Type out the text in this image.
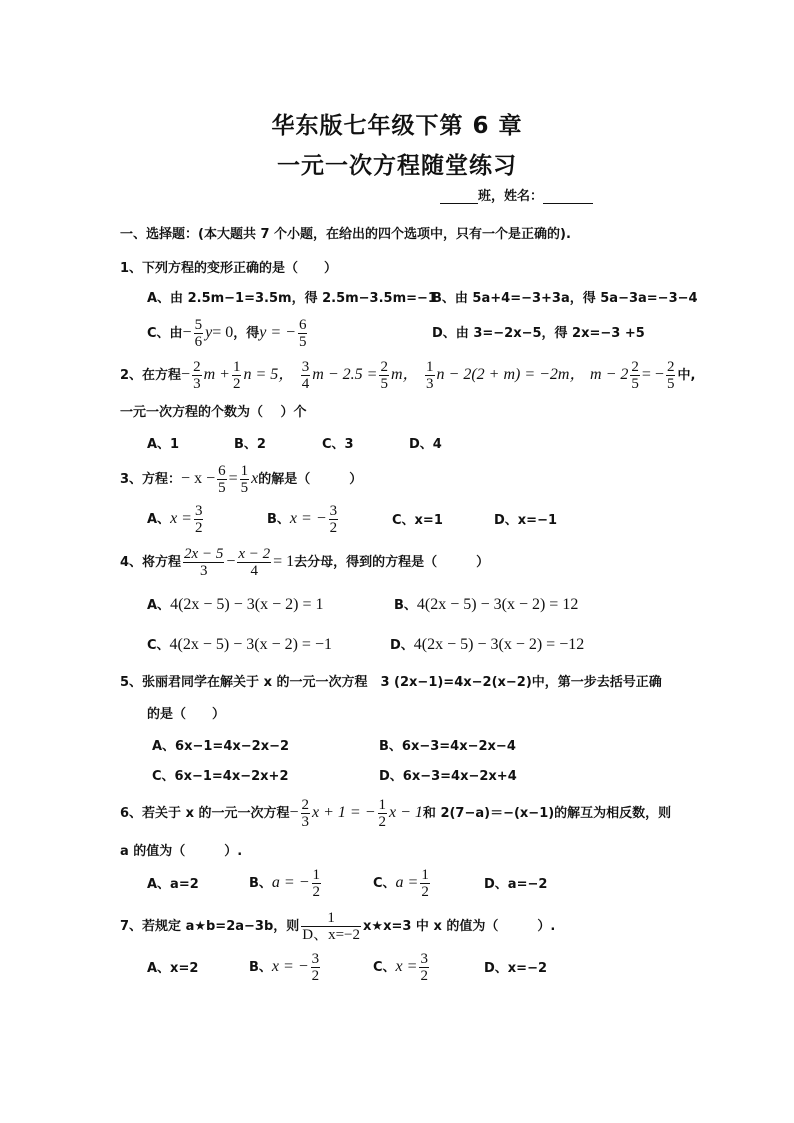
华东版七年级下第 6 章
一元一次方程随堂练习
班，姓名：
一、选择题：(本大题共 7 个小题，在给出的四个选项中，只有一个是正确的).
1、下列方程的变形正确的是（　　）
A、由 2.5m−1=3.5m，得 2.5m−3.5m=−1
B、由 5a+4=−3+3a，得 5a−3a=−3−4
C、由− $\frac{5}{6} y= 0$，得y = − $\frac{6}{5}$	D、由 3=−2x−5，得 2x=−3 +5
2、在方程− $\frac{2}{3}$ $m + \frac{1}{2}$ n = 5， $\frac{3}{4}$ $m - 2.5 = \frac{2}{5}$ m， $\frac{1}{3}$ n − 2(2 + m) = −2m， $m - 2 \frac{2}{5}$ = − $\frac{2}{5}$ 中,
一元一次方程的个数为（　 ）个
A、1	B、2	C、3	D、4
3、方程：− $x - \frac{6}{5} = \frac{1}{5}$ x的解是（　　　）
A、$x = \frac{3}{2}$	B、x = − $\frac{3}{2}$	C、x=1	D、x=−1
4、将方程 $\frac{2x - 5}{3} - \frac{x - 2}{4} = 1$去分母，得到的方程是（　　　）
A、4(2x − 5) − 3(x − 2) = 1	B、4(2x − 5) − 3(x − 2) = 12
C、4(2x − 5) − 3(x − 2) = −1	D、4(2x − 5) − 3(x − 2) = −12
5、张丽君同学在解关于 x 的一元一次方程　3 (2x−1)=4x−2(x−2)中，第一步去括号正确
的是（　　）
A、6x−1=4x−2x−2	B、6x−3=4x−2x−4
C、6x−1=4x−2x+2	D、6x−3=4x−2x+4
6、若关于 x 的一元一次方程− $\frac{2}{3}$ x + 1 = − $\frac{1}{2}$ x − 1和 2(7−a)＝−(x−1)的解互为相反数，则
a 的值为（　　　）.
A、a=2	B、a = − $\frac{1}{2}$	C、$a = \frac{1}{2}$	D、a=−2
7、若规定 a★b=2a−3b，则 $\frac{1}{D、x=-2}$ x★x=3 中 x 的值为（　　　）.
A、x=2	B、x = − $\frac{3}{2}$	C、$x = \frac{3}{2}$	D、x=−2
